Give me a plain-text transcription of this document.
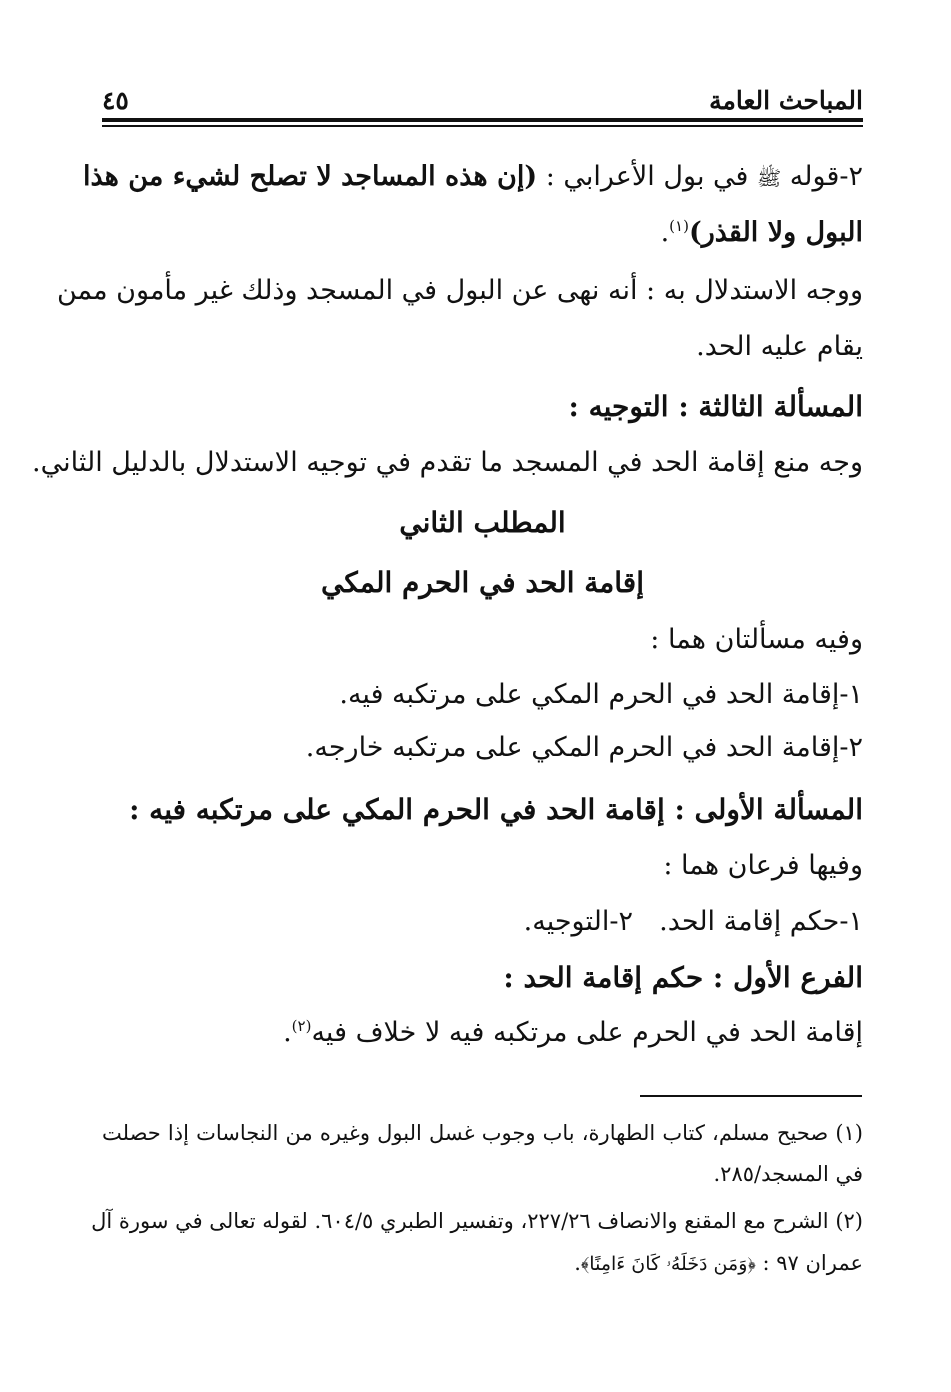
المباحث العامة
٤٥
٢-قوله ﷺ في بول الأعرابي : (إن هذه المساجد لا تصلح لشيء من هذا
البول ولا القذر)$^{(١)}$.
ووجه الاستدلال به : أنه نهى عن البول في المسجد وذلك غير مأمون ممن
يقام عليه الحد.
المسألة الثالثة : التوجيه :
وجه منع إقامة الحد في المسجد ما تقدم في توجيه الاستدلال بالدليل الثاني.
المطلب الثاني
إقامة الحد في الحرم المكي
وفيه مسألتان هما :
١-إقامة الحد في الحرم المكي على مرتكبه فيه.
٢-إقامة الحد في الحرم المكي على مرتكبه خارجه.
المسألة الأولى : إقامة الحد في الحرم المكي على مرتكبه فيه :
وفيها فرعان هما :
١-حكم إقامة الحد.
٢-التوجيه.
الفرع الأول : حكم إقامة الحد :
إقامة الحد في الحرم على مرتكبه فيه لا خلاف فيه$^{(٢)}$.
(١) صحيح مسلم، كتاب الطهارة، باب وجوب غسل البول وغيره من النجاسات إذا حصلت
في المسجد/٢٨٥.
(٢) الشرح مع المقنع والانصاف ٢٢٧/٢٦، وتفسير الطبري ٦٠٤/٥. لقوله تعالى في سورة آل
عمران ٩٧ : ﴿وَمَن دَخَلَهُۥ كَانَ ءَامِنًا﴾.
